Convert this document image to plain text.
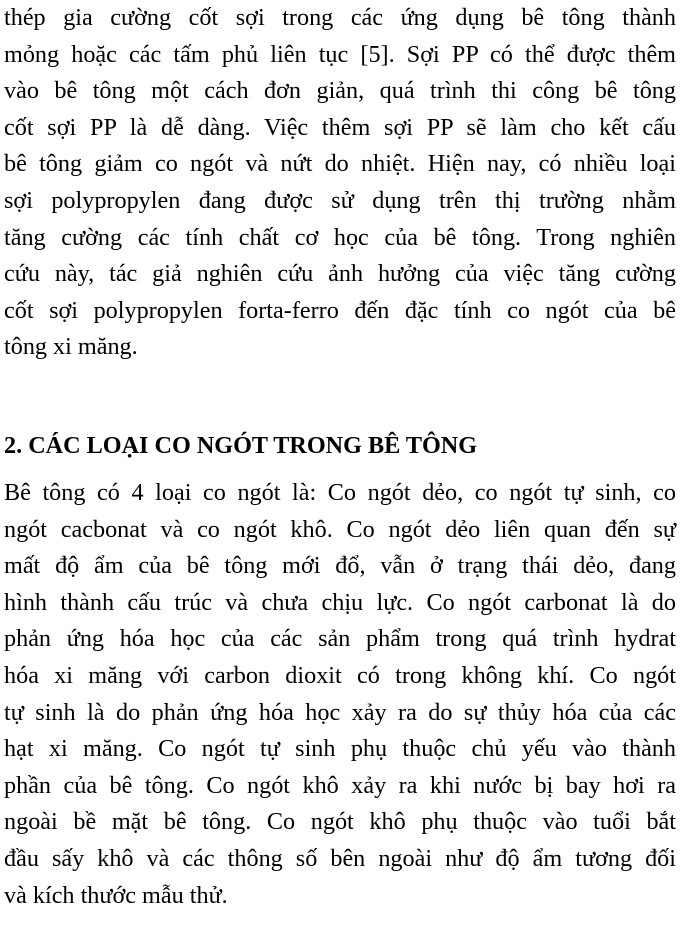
thép gia cường cốt sợi trong các ứng dụng bê tông thành
mỏng hoặc các tấm phủ liên tục [5]. Sợi PP có thể được thêm
vào bê tông một cách đơn giản, quá trình thi công bê tông
cốt sợi PP là dễ dàng. Việc thêm sợi PP sẽ làm cho kết cấu
bê tông giảm co ngót và nứt do nhiệt. Hiện nay, có nhiều loại
sợi polypropylen đang được sử dụng trên thị trường nhằm
tăng cường các tính chất cơ học của bê tông. Trong nghiên
cứu này, tác giả nghiên cứu ảnh hưởng của việc tăng cường
cốt sợi polypropylen forta-ferro đến đặc tính co ngót của bê
tông xi măng.
2. CÁC LOẠI CO NGÓT TRONG BÊ TÔNG
Bê tông có 4 loại co ngót là: Co ngót dẻo, co ngót tự sinh, co
ngót cacbonat và co ngót khô. Co ngót dẻo liên quan đến sự
mất độ ẩm của bê tông mới đổ, vẫn ở trạng thái dẻo, đang
hình thành cấu trúc và chưa chịu lực. Co ngót carbonat là do
phản ứng hóa học của các sản phẩm trong quá trình hydrat
hóa xi măng với carbon dioxit có trong không khí. Co ngót
tự sinh là do phản ứng hóa học xảy ra do sự thủy hóa của các
hạt xi măng. Co ngót tự sinh phụ thuộc chủ yếu vào thành
phần của bê tông. Co ngót khô xảy ra khi nước bị bay hơi ra
ngoài bề mặt bê tông. Co ngót khô phụ thuộc vào tuổi bắt
đầu sấy khô và các thông số bên ngoài như độ ẩm tương đối
và kích thước mẫu thử.
